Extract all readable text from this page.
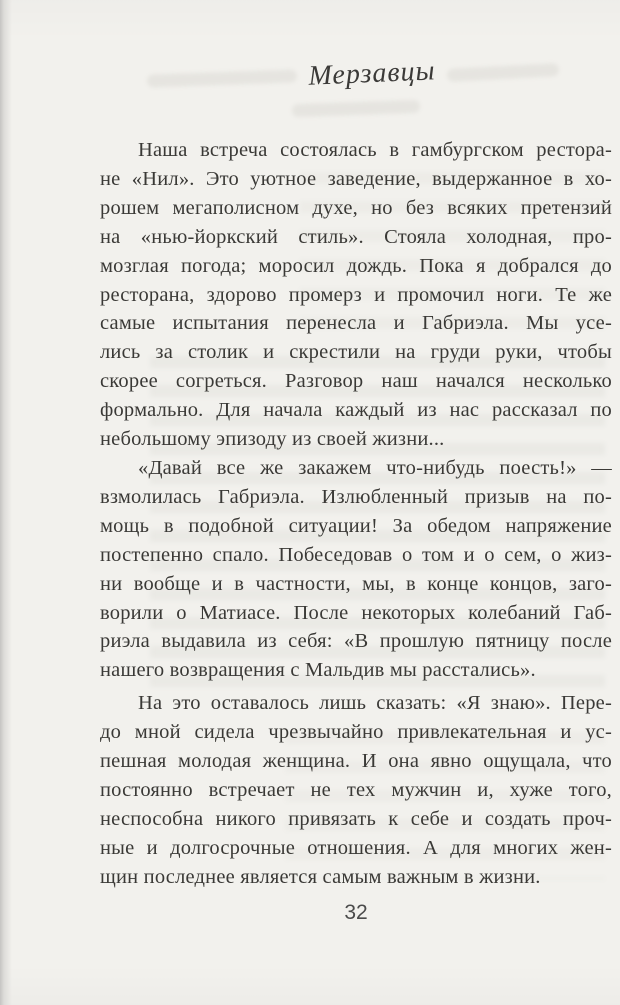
Мерзавцы
Наша встреча состоялась в гамбургском рестора-
не «Нил». Это уютное заведение, выдержанное в хо-
рошем мегаполисном духе, но без всяких претензий
на «нью-йоркский стиль». Стояла холодная, про-
мозглая погода; моросил дождь. Пока я добрался до
ресторана, здорово промерз и промочил ноги. Те же
самые испытания перенесла и Габриэла. Мы усе-
лись за столик и скрестили на груди руки, чтобы
скорее согреться. Разговор наш начался несколько
формально. Для начала каждый из нас рассказал по
небольшому эпизоду из своей жизни...
«Давай все же закажем что-нибудь поесть!» —
взмолилась Габриэла. Излюбленный призыв на по-
мощь в подобной ситуации! За обедом напряжение
постепенно спало. Побеседовав о том и о сем, о жиз-
ни вообще и в частности, мы, в конце концов, заго-
ворили о Матиасе. После некоторых колебаний Габ-
риэла выдавила из себя: «В прошлую пятницу после
нашего возвращения с Мальдив мы расстались».
На это оставалось лишь сказать: «Я знаю». Пере-
до мной сидела чрезвычайно привлекательная и ус-
пешная молодая женщина. И она явно ощущала, что
постоянно встречает не тех мужчин и, хуже того,
неспособна никого привязать к себе и создать проч-
ные и долгосрочные отношения. А для многих жен-
щин последнее является самым важным в жизни.
32
